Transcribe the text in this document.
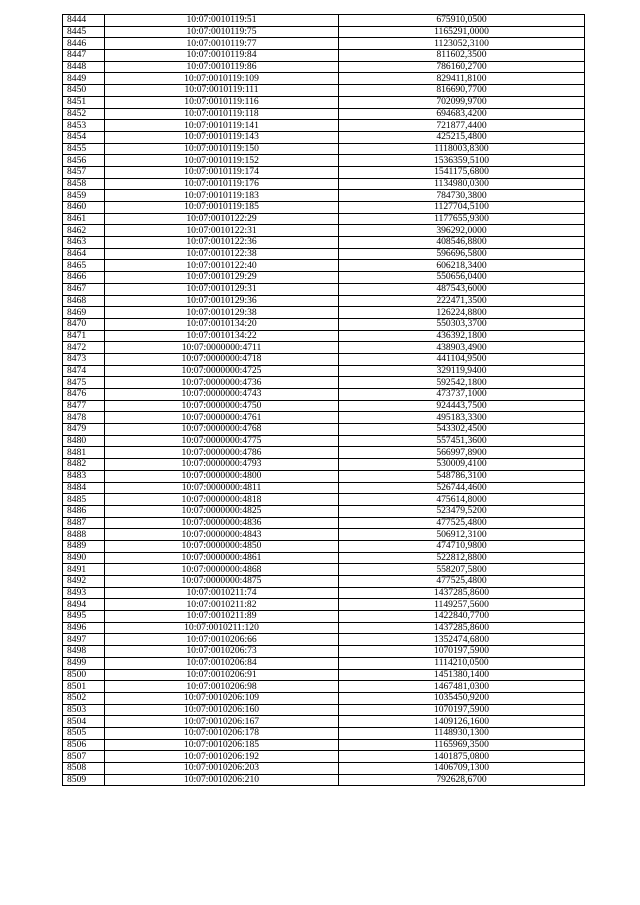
8444	10:07:0010119:51	675910,0500
8445	10:07:0010119:75	1165291,0000
8446	10:07:0010119:77	1123052,3100
8447	10:07:0010119:84	811602,3500
8448	10:07:0010119:86	786160,2700
8449	10:07:0010119:109	829411,8100
8450	10:07:0010119:111	816690,7700
8451	10:07:0010119:116	702099,9700
8452	10:07:0010119:118	694683,4200
8453	10:07:0010119:141	721877,4400
8454	10:07:0010119:143	425215,4800
8455	10:07:0010119:150	1118003,8300
8456	10:07:0010119:152	1536359,5100
8457	10:07:0010119:174	1541175,6800
8458	10:07:0010119:176	1134980,0300
8459	10:07:0010119:183	784730,3800
8460	10:07:0010119:185	1127704,5100
8461	10:07:0010122:29	1177655,9300
8462	10:07:0010122:31	396292,0000
8463	10:07:0010122:36	408546,8800
8464	10:07:0010122:38	596696,5800
8465	10:07:0010122:40	606218,3400
8466	10:07:0010129:29	550656,0400
8467	10:07:0010129:31	487543,6000
8468	10:07:0010129:36	222471,3500
8469	10:07:0010129:38	126224,8800
8470	10:07:0010134:20	550303,3700
8471	10:07:0010134:22	436392,1800
8472	10:07:0000000:4711	438903,4900
8473	10:07:0000000:4718	441104,9500
8474	10:07:0000000:4725	329119,9400
8475	10:07:0000000:4736	592542,1800
8476	10:07:0000000:4743	473737,1000
8477	10:07:0000000:4750	924443,7500
8478	10:07:0000000:4761	495183,3300
8479	10:07:0000000:4768	543302,4500
8480	10:07:0000000:4775	557451,3600
8481	10:07:0000000:4786	566997,8900
8482	10:07:0000000:4793	530009,4100
8483	10:07:0000000:4800	548786,3100
8484	10:07:0000000:4811	526744,4600
8485	10:07:0000000:4818	475614,8000
8486	10:07:0000000:4825	523479,5200
8487	10:07:0000000:4836	477525,4800
8488	10:07:0000000:4843	506912,3100
8489	10:07:0000000:4850	474710,9800
8490	10:07:0000000:4861	522812,8800
8491	10:07:0000000:4868	558207,5800
8492	10:07:0000000:4875	477525,4800
8493	10:07:0010211:74	1437285,8600
8494	10:07:0010211:82	1149257,5600
8495	10:07:0010211:89	1422840,7700
8496	10:07:0010211:120	1437285,8600
8497	10:07:0010206:66	1352474,6800
8498	10:07:0010206:73	1070197,5900
8499	10:07:0010206:84	1114210,0500
8500	10:07:0010206:91	1451380,1400
8501	10:07:0010206:98	1467481,0300
8502	10:07:0010206:109	1035450,9200
8503	10:07:0010206:160	1070197,5900
8504	10:07:0010206:167	1409126,1600
8505	10:07:0010206:178	1148930,1300
8506	10:07:0010206:185	1165969,3500
8507	10:07:0010206:192	1401875,0800
8508	10:07:0010206:203	1406709,1300
8509	10:07:0010206:210	792628,6700
